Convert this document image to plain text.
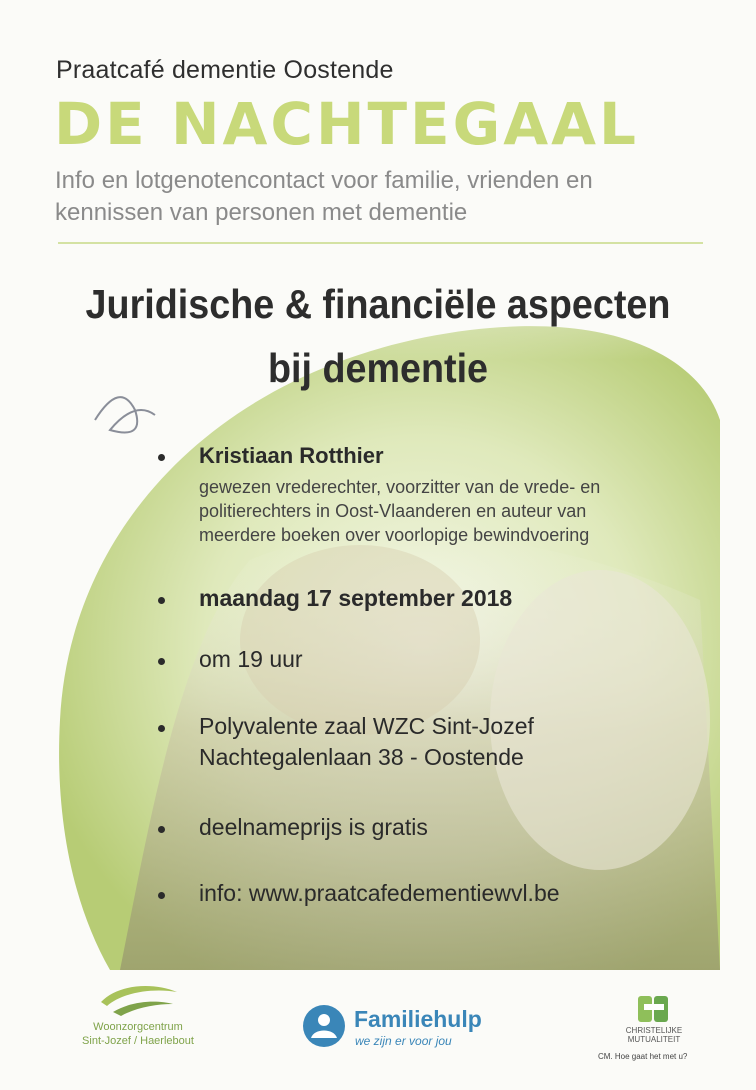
Praatcafé dementie Oostende
DE NACHTEGAAL
Info en lotgenotencontact voor familie, vrienden en
kennissen van personen met dementie
Juridische & financiële aspecten
bij dementie
Kristiaan Rotthier
gewezen vrederechter, voorzitter van de vrede- en
politierechters in Oost-Vlaanderen en auteur van
meerdere boeken over voorlopige bewindvoering
maandag 17 september 2018
om 19 uur
Polyvalente zaal WZC Sint-Jozef
Nachtegalenlaan 38 - Oostende
deelnameprijs is gratis
info: www.praatcafedementiewvl.be
Woonzorgcentrum
Sint-Jozef / Haerlebout
Familiehulp
we zijn er voor jou
CHRISTELIJKE MUTUALITEIT
CM. Hoe gaat het met u?
